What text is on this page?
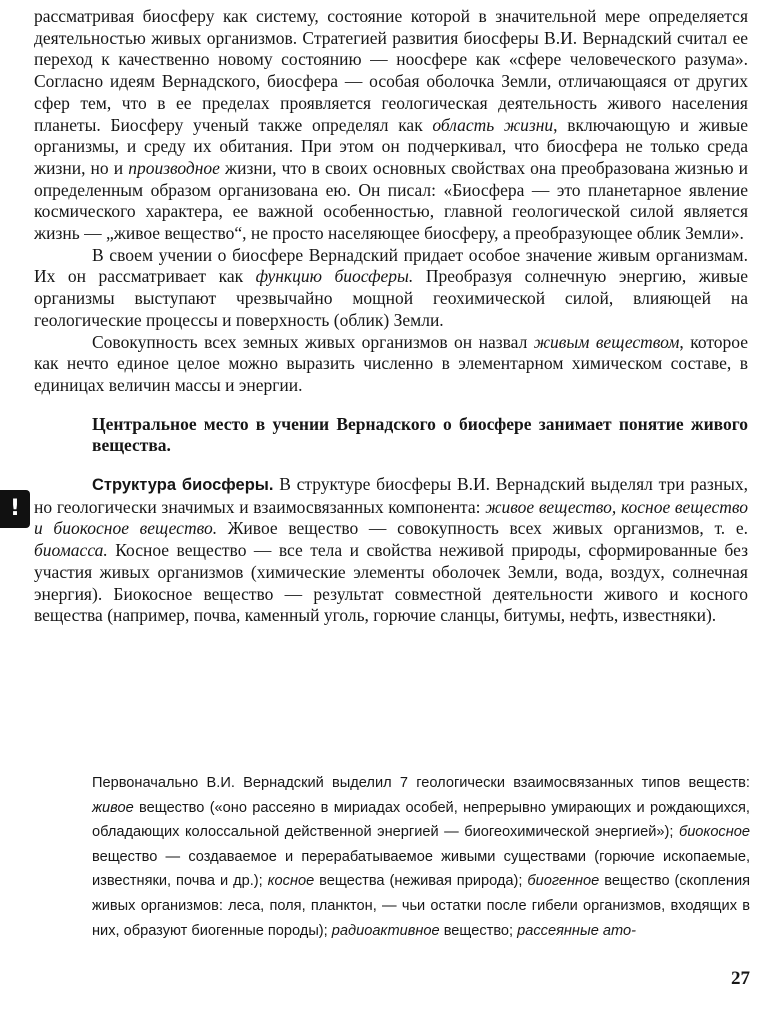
рассматривая биосферу как систему, состояние которой в значительной мере определяется деятельностью живых организмов. Стратегией развития биосферы В.И. Вернадский считал ее переход к качественно новому состоянию — ноосфере как «сфере человеческого разума». Согласно идеям Вернадского, биосфера — особая оболочка Земли, отличающаяся от других сфер тем, что в ее пределах проявляется геологическая деятельность живого населения планеты. Биосферу ученый также определял как область жизни, включающую и живые организмы, и среду их обитания. При этом он подчеркивал, что биосфера не только среда жизни, но и производное жизни, что в своих основных свойствах она преобразована жизнью и определенным образом организована ею. Он писал: «Биосфера — это планетарное явление космического характера, ее важной особенностью, главной геологической силой является жизнь — „живое вещество“, не просто населяющее биосферу, а преобразующее облик Земли».

В своем учении о биосфере Вернадский придает особое значение живым организмам. Их он рассматривает как функцию биосферы. Преобразуя солнечную энергию, живые организмы выступают чрезвычайно мощной геохимической силой, влияющей на геологические процессы и поверхность (облик) Земли.

Совокупность всех земных живых организмов он назвал живым веществом, которое как нечто единое целое можно выразить численно в элементарном химическом составе, в единицах величин массы и энергии.

Центральное место в учении Вернадского о биосфере занимает понятие живого вещества.

Структура биосферы. В структуре биосферы В.И. Вернадский выделял три разных, но геологически значимых и взаимосвязанных компонента: живое вещество, косное вещество и биокосное вещество. Живое вещество — совокупность всех живых организмов, т. е. биомасса. Косное вещество — все тела и свойства неживой природы, сформированные без участия живых организмов (химические элементы оболочек Земли, вода, воздух, солнечная энергия). Биокосное вещество — результат совместной деятельности живого и косного вещества (например, почва, каменный уголь, горючие сланцы, битумы, нефть, известняки).

!

Первоначально В.И. Вернадский выделил 7 геологически взаимосвязанных типов веществ: живое вещество («оно рассеяно в мириадах особей, непрерывно умирающих и рождающихся, обладающих колоссальной действенной энергией — биогеохимической энергией»); биокосное вещество — создаваемое и перерабатываемое живыми существами (горючие ископаемые, известняки, почва и др.); косное вещества (неживая природа); биогенное вещество (скопления живых организмов: леса, поля, планктон, — чьи остатки после гибели организмов, входящих в них, образуют биогенные породы); радиоактивное вещество; рассеянные ато-

27
